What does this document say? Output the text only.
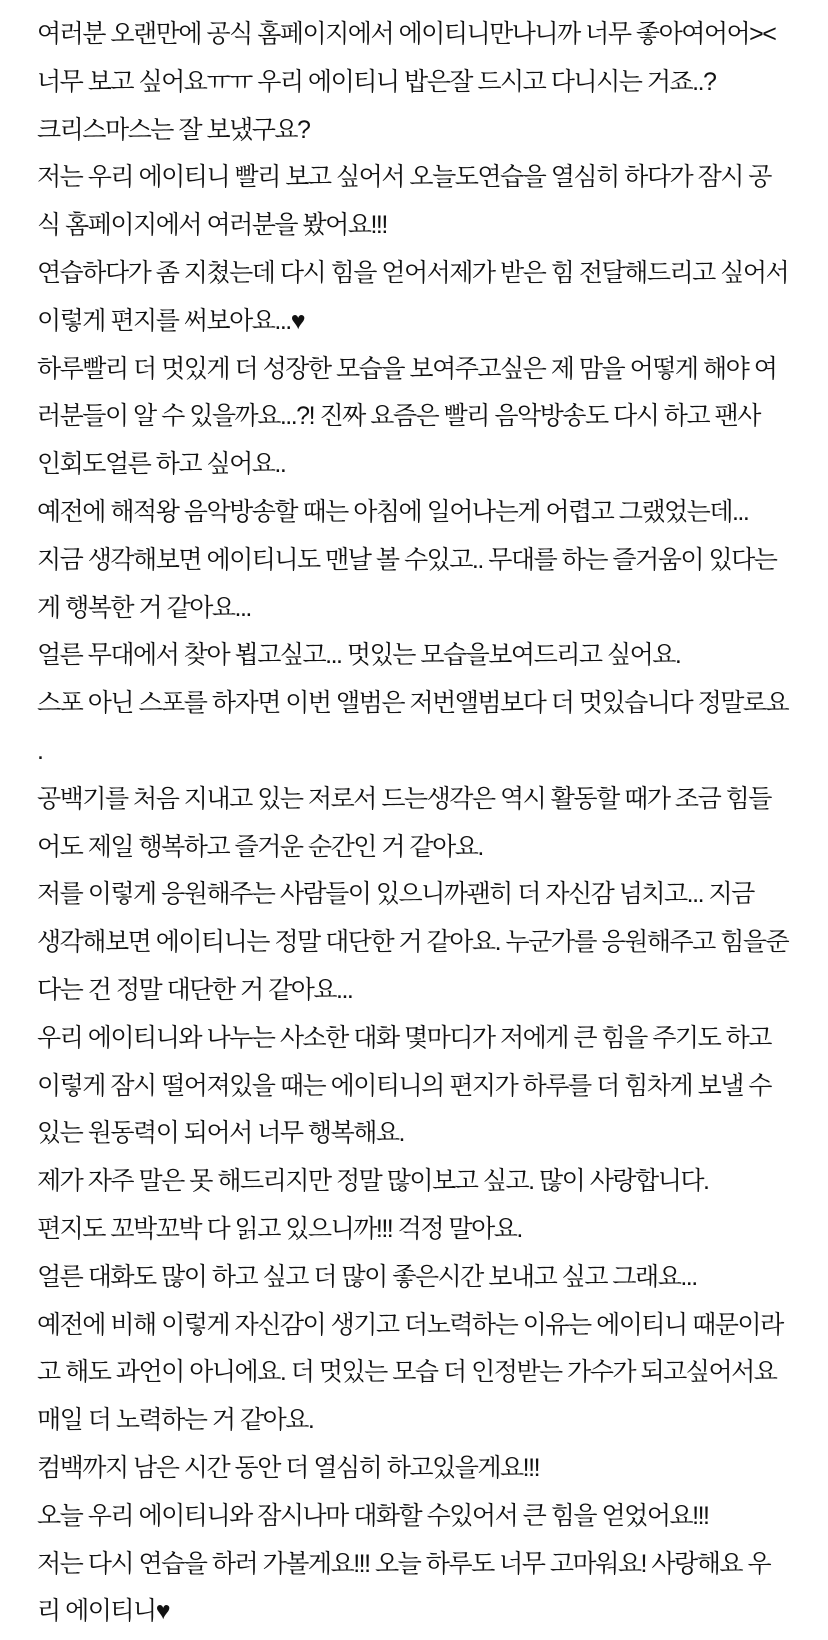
여러분 오랜만에 공식 홈페이지에서 에이티니만나니까 너무 좋아여어어><
너무 보고 싶어요ㅠㅠ 우리 에이티니 밥은잘 드시고 다니시는 거죠..?
크리스마스는 잘 보냈구요?
저는 우리 에이티니 빨리 보고 싶어서 오늘도연습을 열심히 하다가 잠시 공
식 홈페이지에서 여러분을 봤어요!!!
연습하다가 좀 지쳤는데 다시 힘을 얻어서제가 받은 힘 전달해드리고 싶어서
이렇게 편지를 써보아요...♥
하루빨리 더 멋있게 더 성장한 모습을 보여주고싶은 제 맘을 어떻게 해야 여
러분들이 알 수 있을까요...?! 진짜 요즘은 빨리 음악방송도 다시 하고 팬사
인회도얼른 하고 싶어요..
예전에 해적왕 음악방송할 때는 아침에 일어나는게 어렵고 그랬었는데...
지금 생각해보면 에이티니도 맨날 볼 수있고.. 무대를 하는 즐거움이 있다는
게 행복한 거 같아요...
얼른 무대에서 찾아 뵙고싶고... 멋있는 모습을보여드리고 싶어요.
스포 아닌 스포를 하자면 이번 앨범은 저번앨범보다 더 멋있습니다 정말로요
.
공백기를 처음 지내고 있는 저로서 드는생각은 역시 활동할 때가 조금 힘들
어도 제일 행복하고 즐거운 순간인 거 같아요.
저를 이렇게 응원해주는 사람들이 있으니까괜히 더 자신감 넘치고... 지금
생각해보면 에이티니는 정말 대단한 거 같아요. 누군가를 응원해주고 힘을준
다는 건 정말 대단한 거 같아요...
우리 에이티니와 나누는 사소한 대화 몇마디가 저에게 큰 힘을 주기도 하고
이렇게 잠시 떨어져있을 때는 에이티니의 편지가 하루를 더 힘차게 보낼 수
있는 원동력이 되어서 너무 행복해요.
제가 자주 말은 못 해드리지만 정말 많이보고 싶고. 많이 사랑합니다.
편지도 꼬박꼬박 다 읽고 있으니까!!! 걱정 말아요.
얼른 대화도 많이 하고 싶고 더 많이 좋은시간 보내고 싶고 그래요...
예전에 비해 이렇게 자신감이 생기고 더노력하는 이유는 에이티니 때문이라
고 해도 과언이 아니에요. 더 멋있는 모습 더 인정받는 가수가 되고싶어서요
매일 더 노력하는 거 같아요.
컴백까지 남은 시간 동안 더 열심히 하고있을게요!!!
오늘 우리 에이티니와 잠시나마 대화할 수있어서 큰 힘을 얻었어요!!!
저는 다시 연습을 하러 가볼게요!!! 오늘 하루도 너무 고마워요! 사랑해요 우
리 에이티니♥
